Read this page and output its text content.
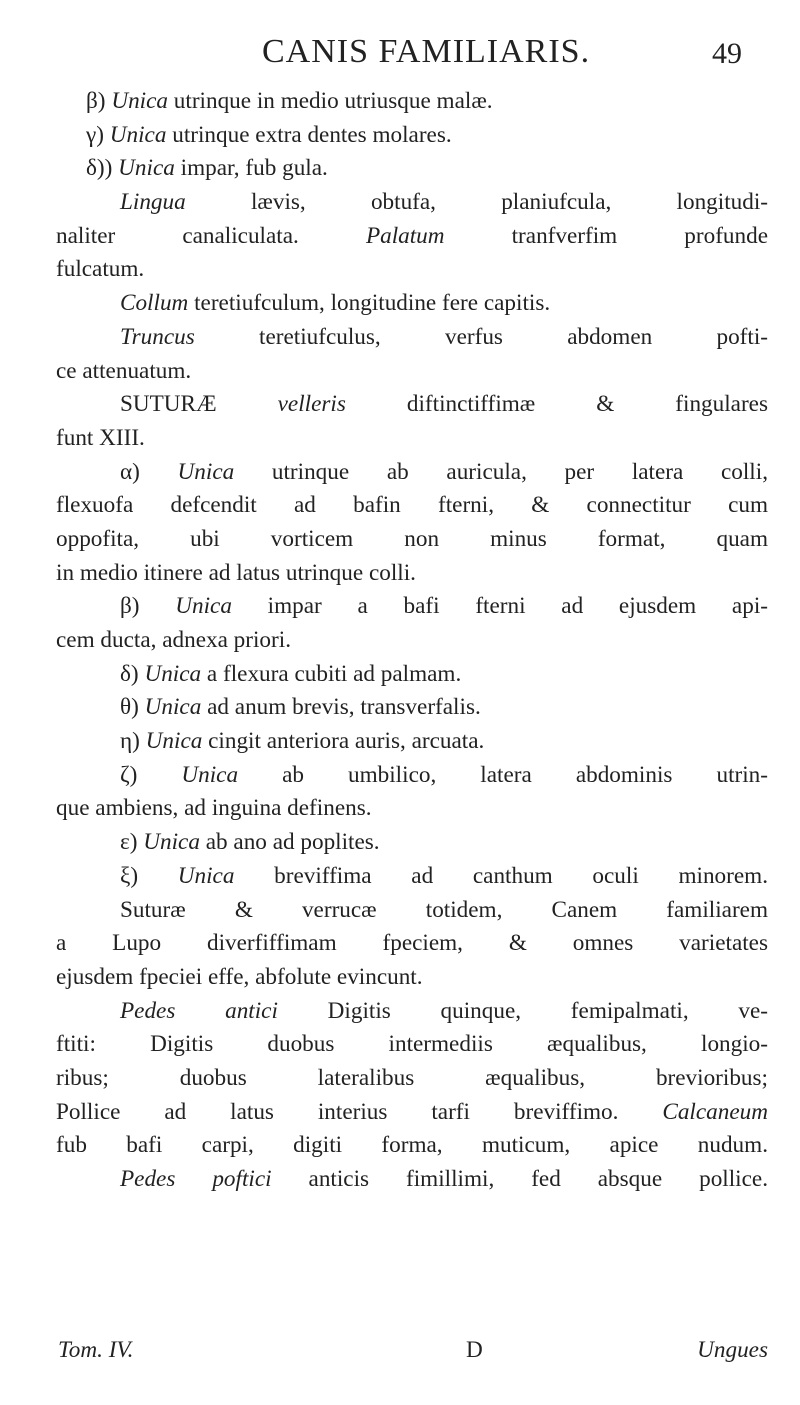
CANIS FAMILIARIS.	49
β) Unica utrinque in medio utriusque malæ.
γ) Unica utrinque extra dentes molares.
δ)) Unica impar, fub gula.
Lingua lævis, obtufa, planiufcula, longitudi-
naliter canaliculata. Palatum tranfverfim profunde
fulcatum.
Collum teretiufculum, longitudine fere capitis.
Truncus teretiufculus, verfus abdomen pofti-
ce attenuatum.
SUTURÆ velleris diftinctiffimæ & fingulares
funt XIII.
α) Unica utrinque ab auricula, per latera colli,
flexuofa defcendit ad bafin fterni, & connectitur cum
oppofita, ubi vorticem non minus format, quam
in medio itinere ad latus utrinque colli.
β) Unica impar a bafi fterni ad ejusdem api-
cem ducta, adnexa priori.
δ) Unica a flexura cubiti ad palmam.
θ) Unica ad anum brevis, transverfalis.
η) Unica cingit anteriora auris, arcuata.
ζ) Unica ab umbilico, latera abdominis utrin-
que ambiens, ad inguina definens.
ε) Unica ab ano ad poplites.
ξ) Unica breviffima ad canthum oculi minorem.
Suturæ & verrucæ totidem, Canem familiarem
a Lupo diverfiffimam fpeciem, & omnes varietates
ejusdem fpeciei effe, abfolute evincunt.
Pedes antici Digitis quinque, femipalmati, ve-
ftiti: Digitis duobus intermediis æqualibus, longio-
ribus; duobus lateralibus æqualibus, brevioribus;
Pollice ad latus interius tarfi breviffimo. Calcaneum
fub bafi carpi, digiti forma, muticum, apice nudum.
Pedes poftici anticis fimillimi, fed absque pollice.
Tom. IV.	D	Ungues
